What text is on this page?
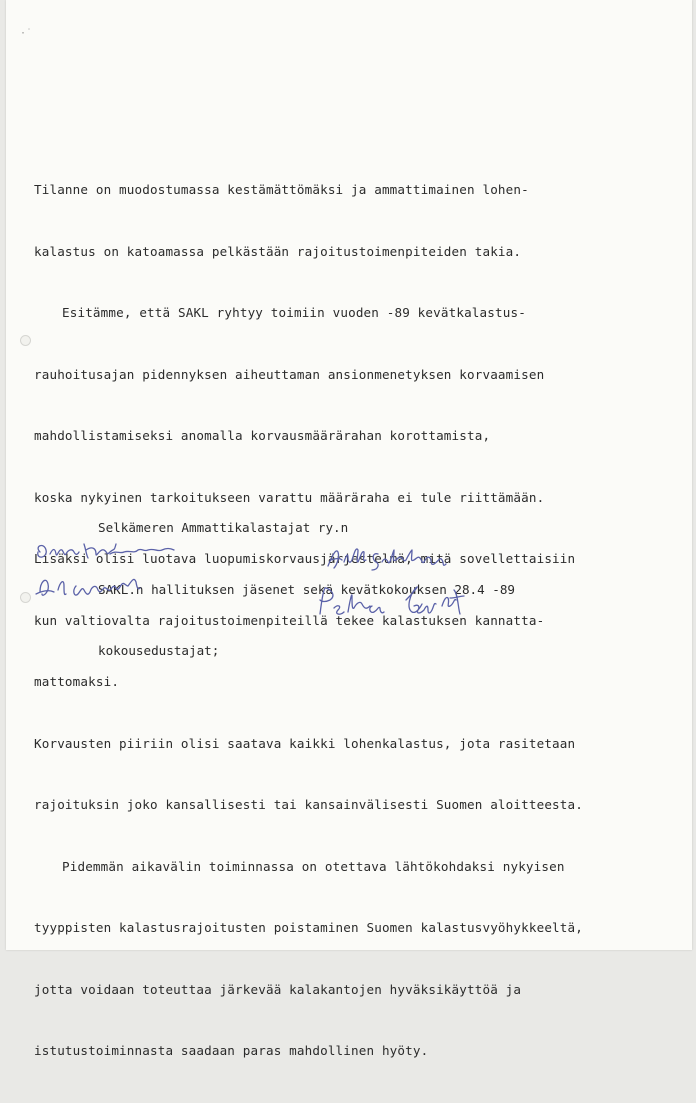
·˙

Tilanne on muodostumassa kestämättömäksi ja ammattimainen lohen-

kalastus on katoamassa pelkästään rajoitustoimenpiteiden takia.

Esitämme, että SAKL ryhtyy toimiin vuoden -89 kevätkalastus-

rauhoitusajan pidennyksen aiheuttaman ansionmenetyksen korvaamisen

mahdollistamiseksi anomalla korvausmäärärahan korottamista,

koska nykyinen tarkoitukseen varattu määräraha ei tule riittämään.

Lisäksi olisi luotava luopumiskorvausjärjestelmä, mitä sovellettaisiin

kun valtiovalta rajoitustoimenpiteillä tekee kalastuksen kannatta-

mattomaksi.

Korvausten piiriin olisi saatava kaikki lohenkalastus, jota rasitetaan

rajoituksin joko kansallisesti tai kansainvälisesti Suomen aloitteesta.

Pidemmän aikavälin toiminnassa on otettava lähtökohdaksi nykyisen

tyyppisten kalastusrajoitusten poistaminen Suomen kalastusvyöhykkeeltä,

jotta voidaan toteuttaa järkevää kalakantojen hyväksikäyttöä ja

istutustoiminnasta saadaan paras mahdollinen hyöty.

Selkämeren Ammattikalastajat ry.n

SAKL.n hallituksen jäsenet sekä kevätkokouksen 28.4 -89

kokousedustajat;
